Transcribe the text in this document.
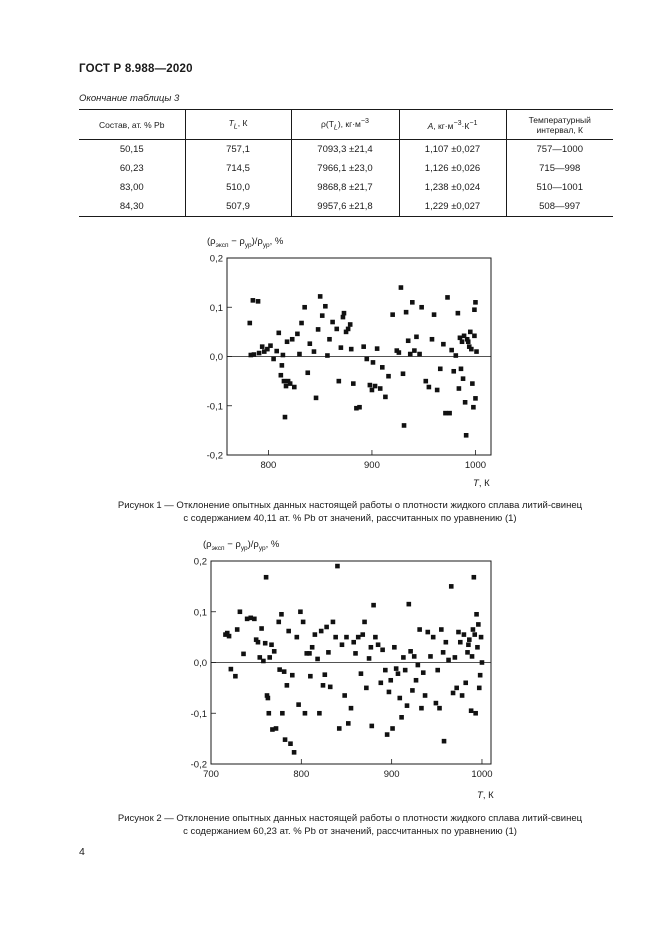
ГОСТ Р 8.988—2020
Окончание таблицы 3
Состав, ат. % Pb	$T_L$, К	$\rho(T_L)$, $кг\cdot м^{-3}$	A, $кг\cdot м^{-3}\cdot К^{-1}$	Температурный
интервал, К
50,15	757,1	7093,3 ±21,4	1,107 ±0,027	757—1000
60,23	714,5	7966,1 ±23,0	1,126 ±0,026	715—998
83,00	510,0	9868,8 ±21,7	1,238 ±0,024	510—1001
84,30	507,9	9957,6 ±21,8	1,229 ±0,027	508—997
$(\rho_{эксп} - \rho_{ур})/\rho_{ур}$, %
T, К
-0,2
-0,1
0,0
0,1
0,2
800	900	1000
$(\rho_{эксп} - \rho_{ур})/\rho_{ур}$, %
T, К
-0,2
-0,1
0,0
0,1
0,2
700	800	900	1000
Рисунок 1 — Отклонение опытных данных настоящей работы о плотности жидкого сплава литий-свинец
с содержанием 40,11 ат. % Pb от значений, рассчитанных по уравнению (1)
Рисунок 2 — Отклонение опытных данных настоящей работы о плотности жидкого сплава литий-свинец
с содержанием 60,23 ат. % Pb от значений, рассчитанных по уравнению (1)
4
